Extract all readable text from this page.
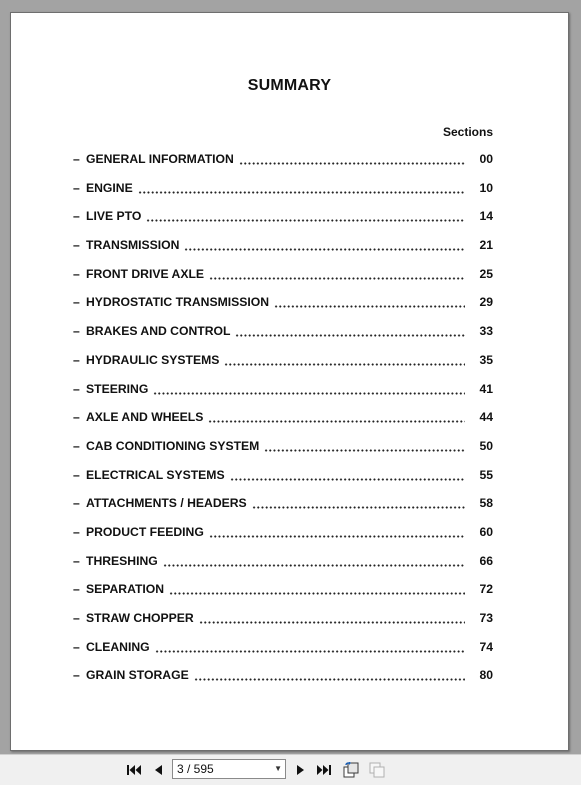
SUMMARY
Sections
– GENERAL INFORMATION	00
– ENGINE	10
– LIVE PTO	14
– TRANSMISSION	21
– FRONT DRIVE AXLE	25
– HYDROSTATIC TRANSMISSION	29
– BRAKES AND CONTROL	33
– HYDRAULIC SYSTEMS	35
– STEERING	41
– AXLE AND WHEELS	44
– CAB CONDITIONING SYSTEM	50
– ELECTRICAL SYSTEMS	55
– ATTACHMENTS / HEADERS	58
– PRODUCT FEEDING	60
– THRESHING	66
– SEPARATION	72
– STRAW CHOPPER	73
– CLEANING	74
– GRAIN STORAGE	80
3 / 595
▼
